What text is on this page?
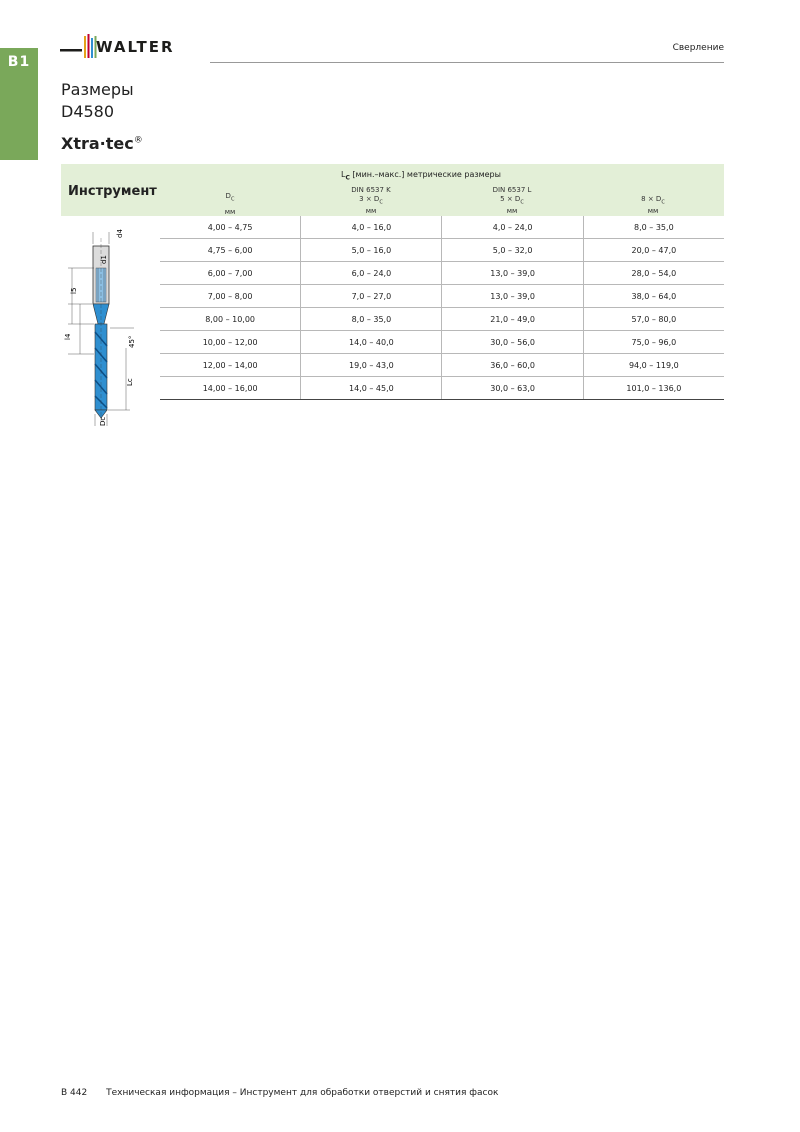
B1
WALTER	Сверление
Размеры
D4580
Xtra·tec®
Инструмент
$L_C$ [мин.–макс.] метрические размеры
$D_C$
мм
DIN 6537 K
$3 \times D_C$
мм
DIN 6537 L
$5 \times D_C$
мм
$8 \times D_C$
мм
4,00 – 4,75	4,0 – 16,0	4,0 – 24,0	8,0 – 35,0
4,75 – 6,00	5,0 – 16,0	5,0 – 32,0	20,0 – 47,0
6,00 – 7,00	6,0 – 24,0	13,0 – 39,0	28,0 – 54,0
7,00 – 8,00	7,0 – 27,0	13,0 – 39,0	38,0 – 64,0
8,00 – 10,00	8,0 – 35,0	21,0 – 49,0	57,0 – 80,0
10,00 – 12,00	14,0 – 40,0	30,0 – 56,0	75,0 – 96,0
12,00 – 14,00	19,0 – 43,0	36,0 – 60,0	94,0 – 119,0
14,00 – 16,00	14,0 – 45,0	30,0 – 63,0	101,0 – 136,0
d4
d1
l5
l4	45°
Lc
Dc
B 442 Техническая информация – Инструмент для обработки отверстий и снятия фасок
